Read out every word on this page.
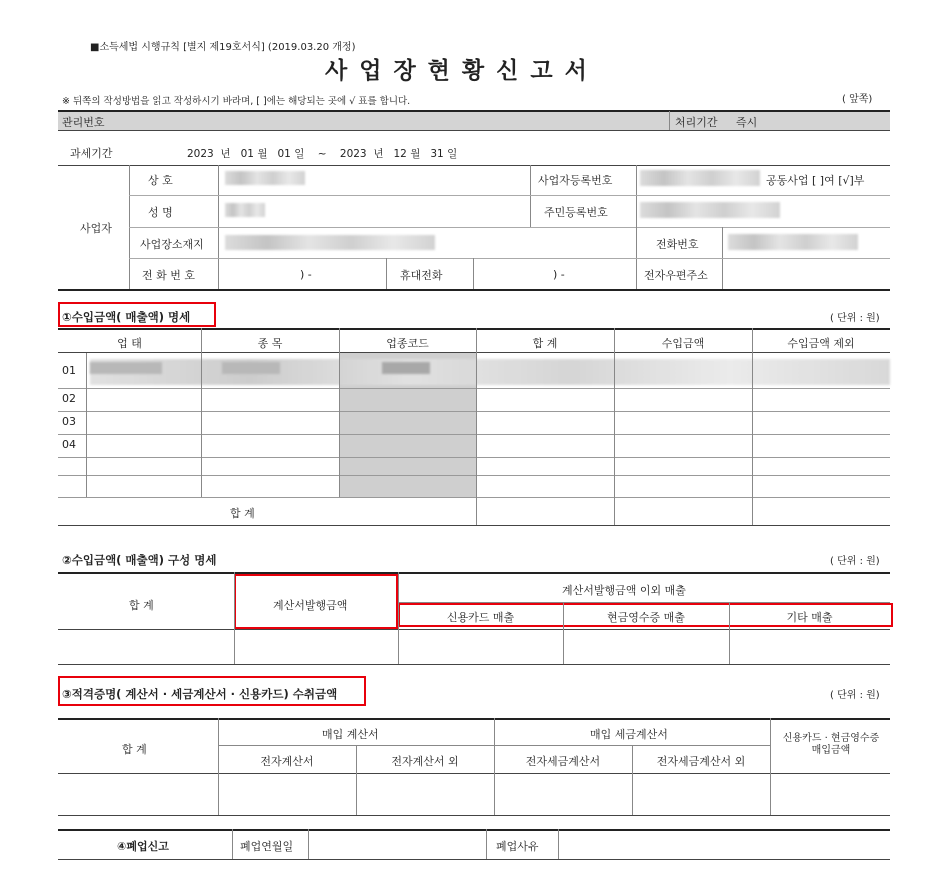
■소득세법 시행규칙 [별지 제19호서식] (2019.03.20 개정)
사 업 장 현 황 신 고 서
※ 뒤쪽의 작성방법을 읽고 작성하시기 바라며, [ ]에는 해당되는 곳에 √ 표를 합니다.	( 앞쪽)
관리번호	처리기간 즉시
과세기간	2023 년 01 월 01 일 ~ 2023 년 12 월 31 일
사업자
상 호	사업자등록번호	공동사업 [ ]여 [√]부
성 명	주민등록번호
사업장소재지	전화번호
전 화 번 호	) -	휴대전화	) -	전자우편주소
①수입금액( 매출액) 명세	( 단위 : 원)
업 태	종 목	업종코드	합 계	수입금액	수입금액 제외
01
02
03
04
합 계
②수입금액( 매출액) 구성 명세	( 단위 : 원)
합 계	계산서발행금액
계산서발행금액 이외 매출
신용카드 매출	현금영수증 매출	기타 매출
③적격증명( 계산서 · 세금계산서 · 신용카드) 수취금액	( 단위 : 원)
합 계
매입 계산서	매입 세금계산서	신용카드 · 현금영수증
매입금액
전자계산서	전자계산서 외	전자세금계산서	전자세금계산서 외
④폐업신고	폐업연월일	폐업사유
